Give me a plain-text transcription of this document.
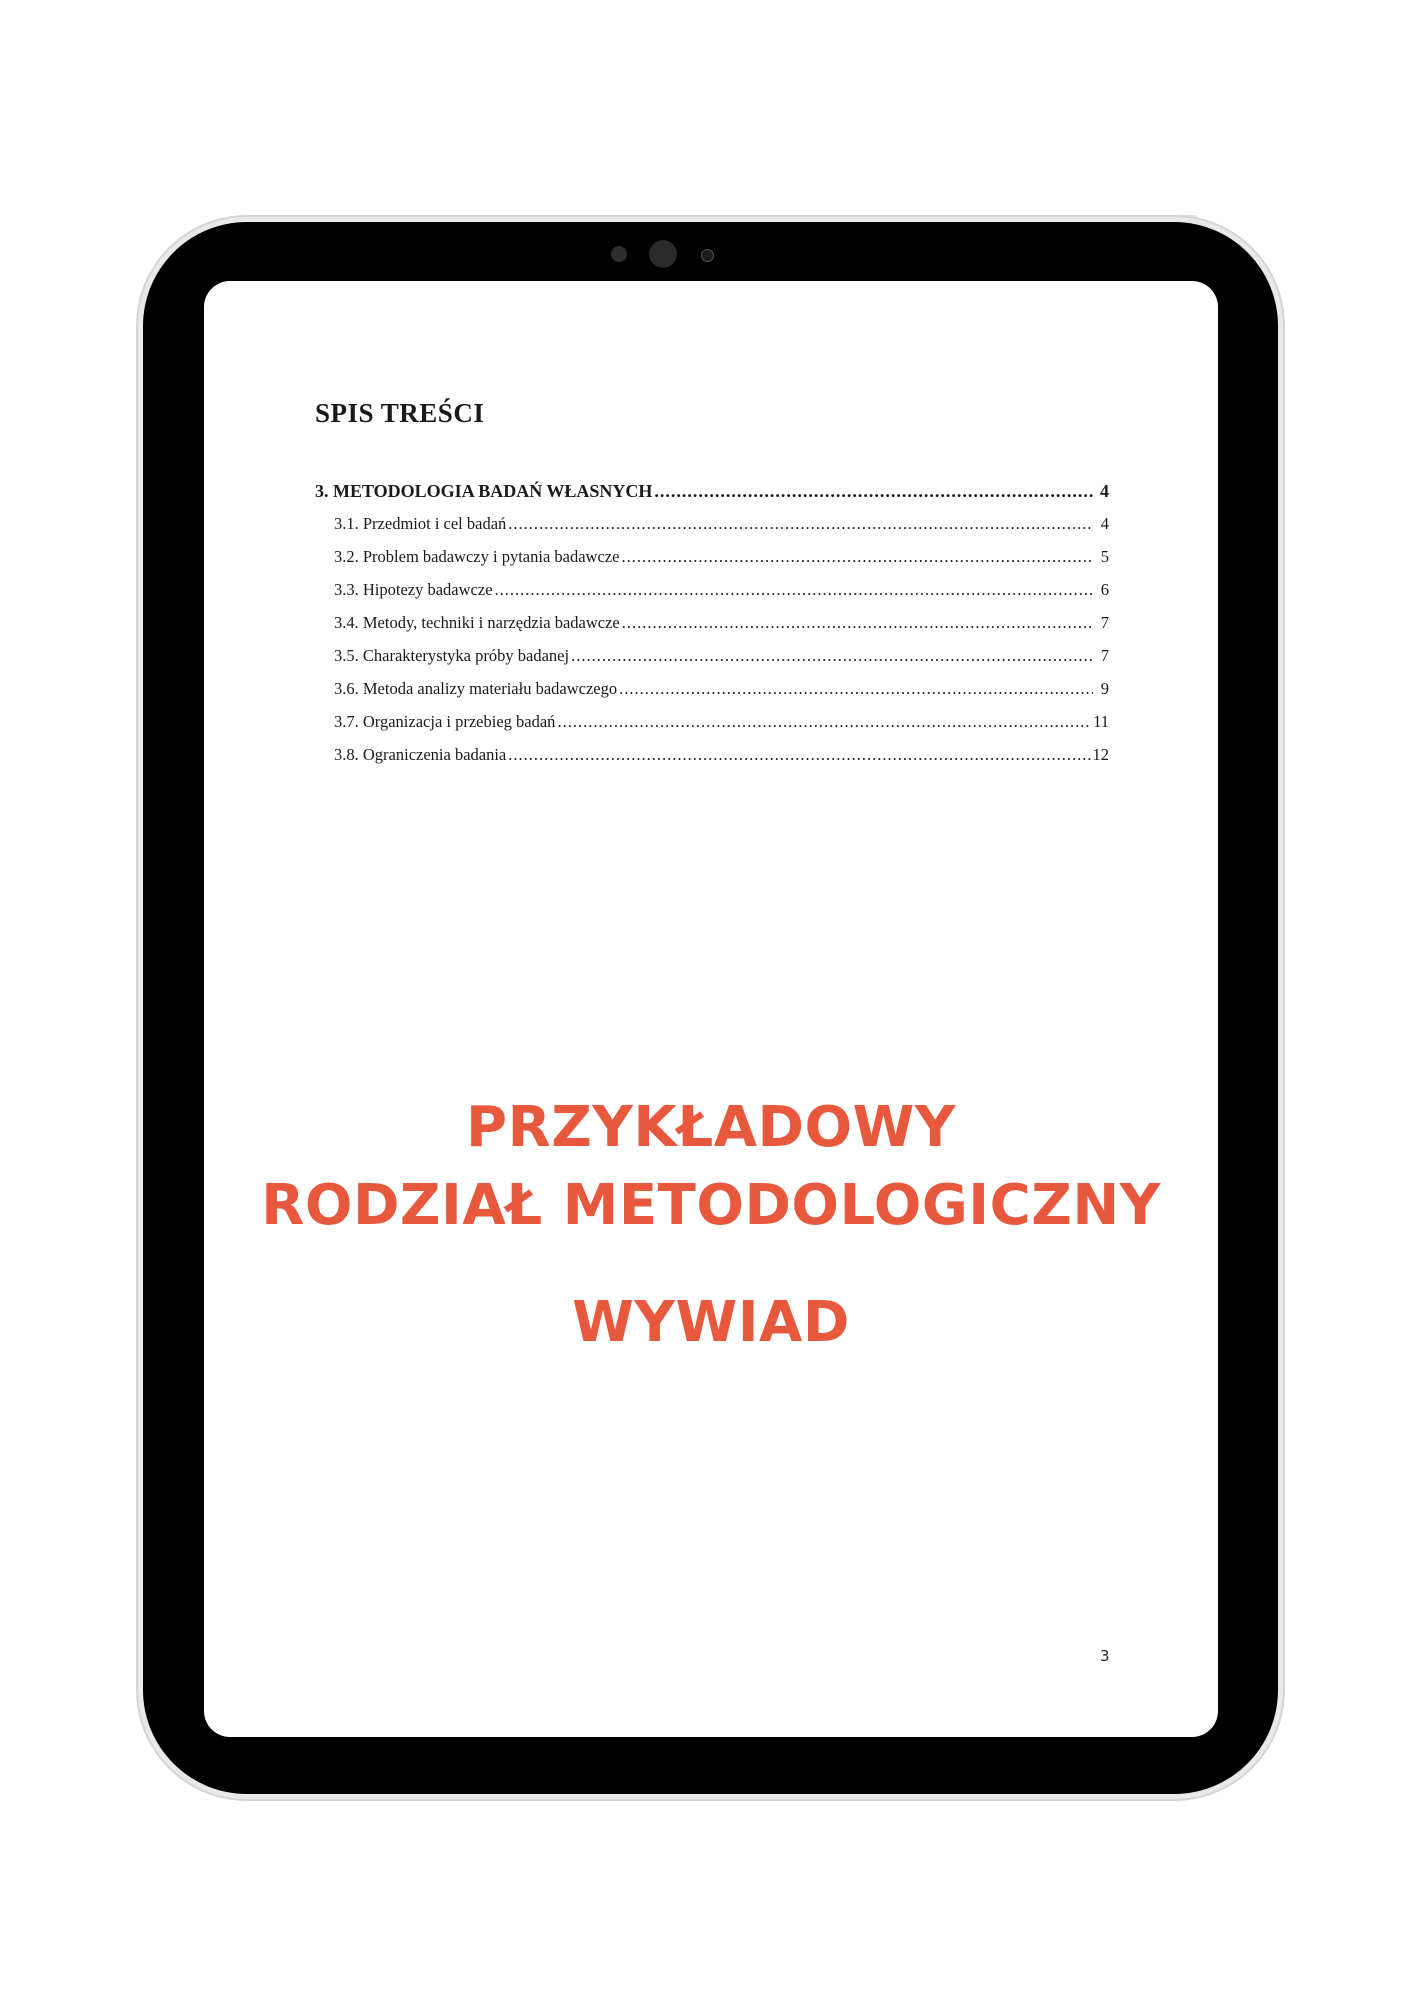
SPIS TREŚCI
3. METODOLOGIA BADAŃ WŁASNYCH .....	4
3.1. Przedmiot i cel badań .....	4
3.2. Problem badawczy i pytania badawcze .....	5
3.3. Hipotezy badawcze .....	6
3.4. Metody, techniki i narzędzia badawcze .....	7
3.5. Charakterystyka próby badanej .....	7
3.6. Metoda analizy materiału badawczego .....	9
3.7. Organizacja i przebieg badań .....	11
3.8. Ograniczenia badania .....	12
PRZYKŁADOWY
RODZIAŁ METODOLOGICZNY
WYWIAD
3
